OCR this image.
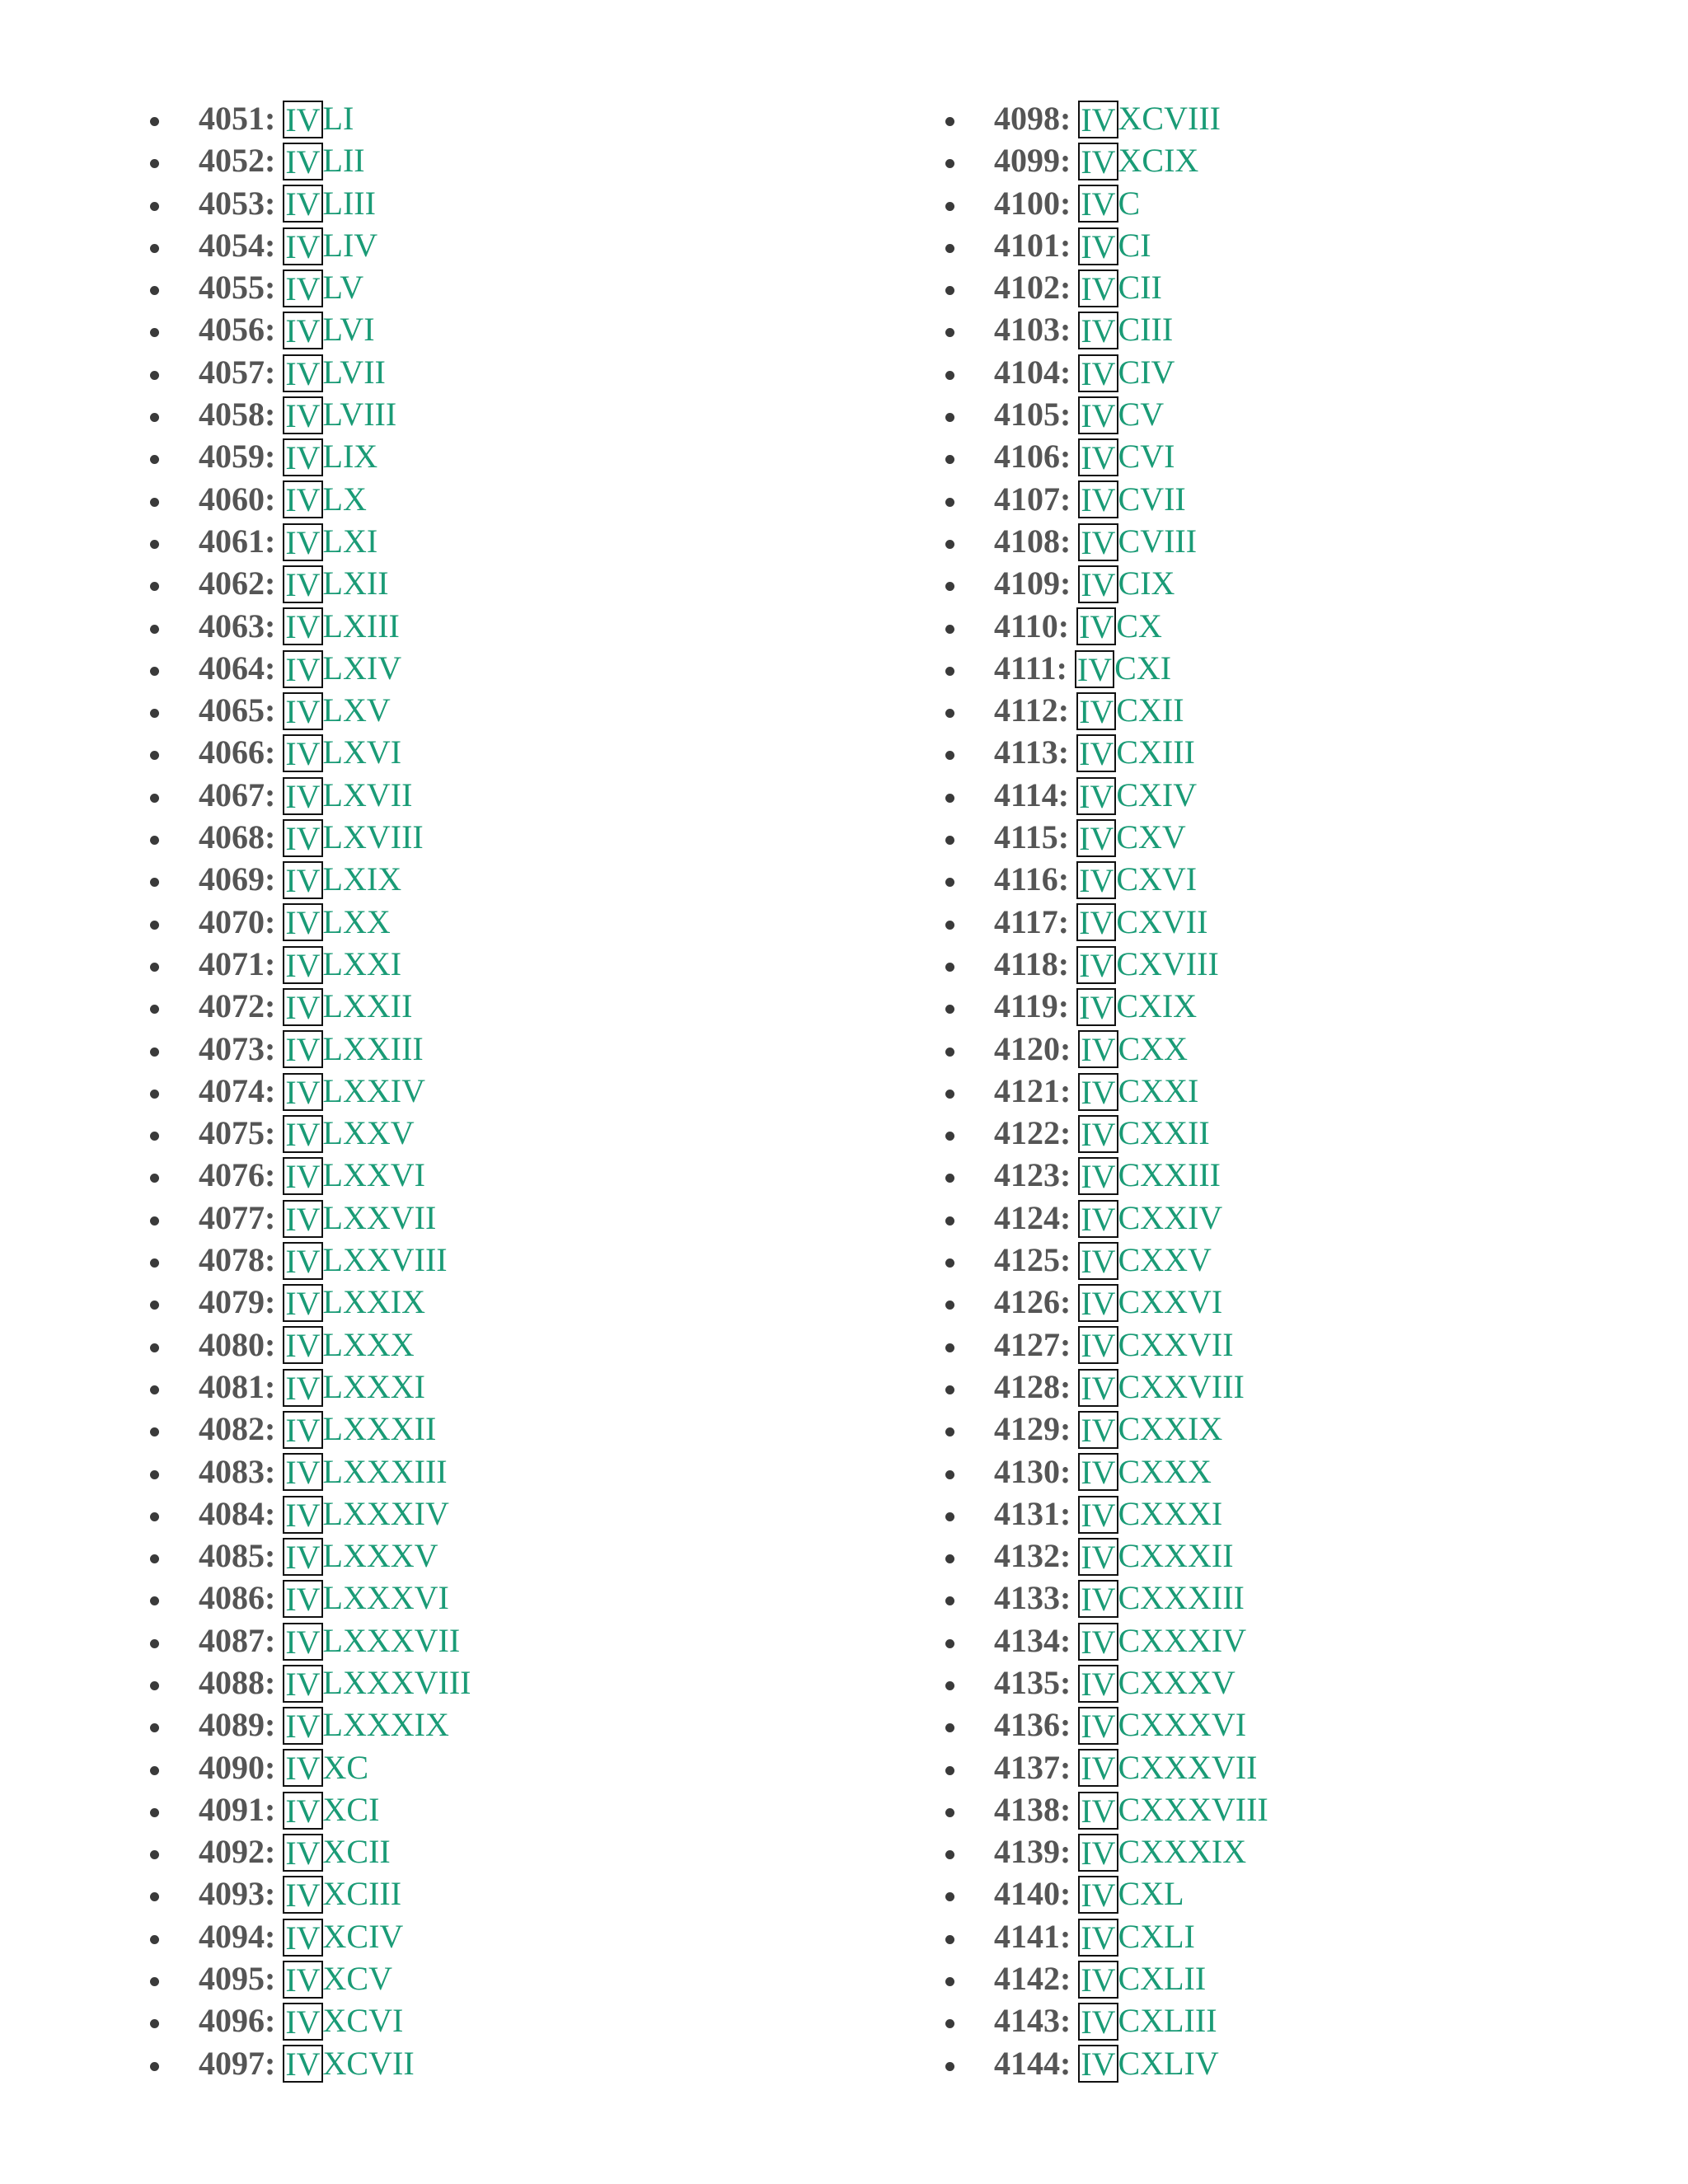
4051: IVLI
4052: IVLII
4053: IVLIII
4054: IVLIV
4055: IVLV
4056: IVLVI
4057: IVLVII
4058: IVLVIII
4059: IVLIX
4060: IVLX
4061: IVLXI
4062: IVLXII
4063: IVLXIII
4064: IVLXIV
4065: IVLXV
4066: IVLXVI
4067: IVLXVII
4068: IVLXVIII
4069: IVLXIX
4070: IVLXX
4071: IVLXXI
4072: IVLXXII
4073: IVLXXIII
4074: IVLXXIV
4075: IVLXXV
4076: IVLXXVI
4077: IVLXXVII
4078: IVLXXVIII
4079: IVLXXIX
4080: IVLXXX
4081: IVLXXXI
4082: IVLXXXII
4083: IVLXXXIII
4084: IVLXXXIV
4085: IVLXXXV
4086: IVLXXXVI
4087: IVLXXXVII
4088: IVLXXXVIII
4089: IVLXXXIX
4090: IVXC
4091: IVXCI
4092: IVXCII
4093: IVXCIII
4094: IVXCIV
4095: IVXCV
4096: IVXCVI
4097: IVXCVII
4098: IVXCVIII
4099: IVXCIX
4100: IVC
4101: IVCI
4102: IVCII
4103: IVCIII
4104: IVCIV
4105: IVCV
4106: IVCVI
4107: IVCVII
4108: IVCVIII
4109: IVCIX
4110: IVCX
4111: IVCXI
4112: IVCXII
4113: IVCXIII
4114: IVCXIV
4115: IVCXV
4116: IVCXVI
4117: IVCXVII
4118: IVCXVIII
4119: IVCXIX
4120: IVCXX
4121: IVCXXI
4122: IVCXXII
4123: IVCXXIII
4124: IVCXXIV
4125: IVCXXV
4126: IVCXXVI
4127: IVCXXVII
4128: IVCXXVIII
4129: IVCXXIX
4130: IVCXXX
4131: IVCXXXI
4132: IVCXXXII
4133: IVCXXXIII
4134: IVCXXXIV
4135: IVCXXXV
4136: IVCXXXVI
4137: IVCXXXVII
4138: IVCXXXVIII
4139: IVCXXXIX
4140: IVCXL
4141: IVCXLI
4142: IVCXLII
4143: IVCXLIII
4144: IVCXLIV
